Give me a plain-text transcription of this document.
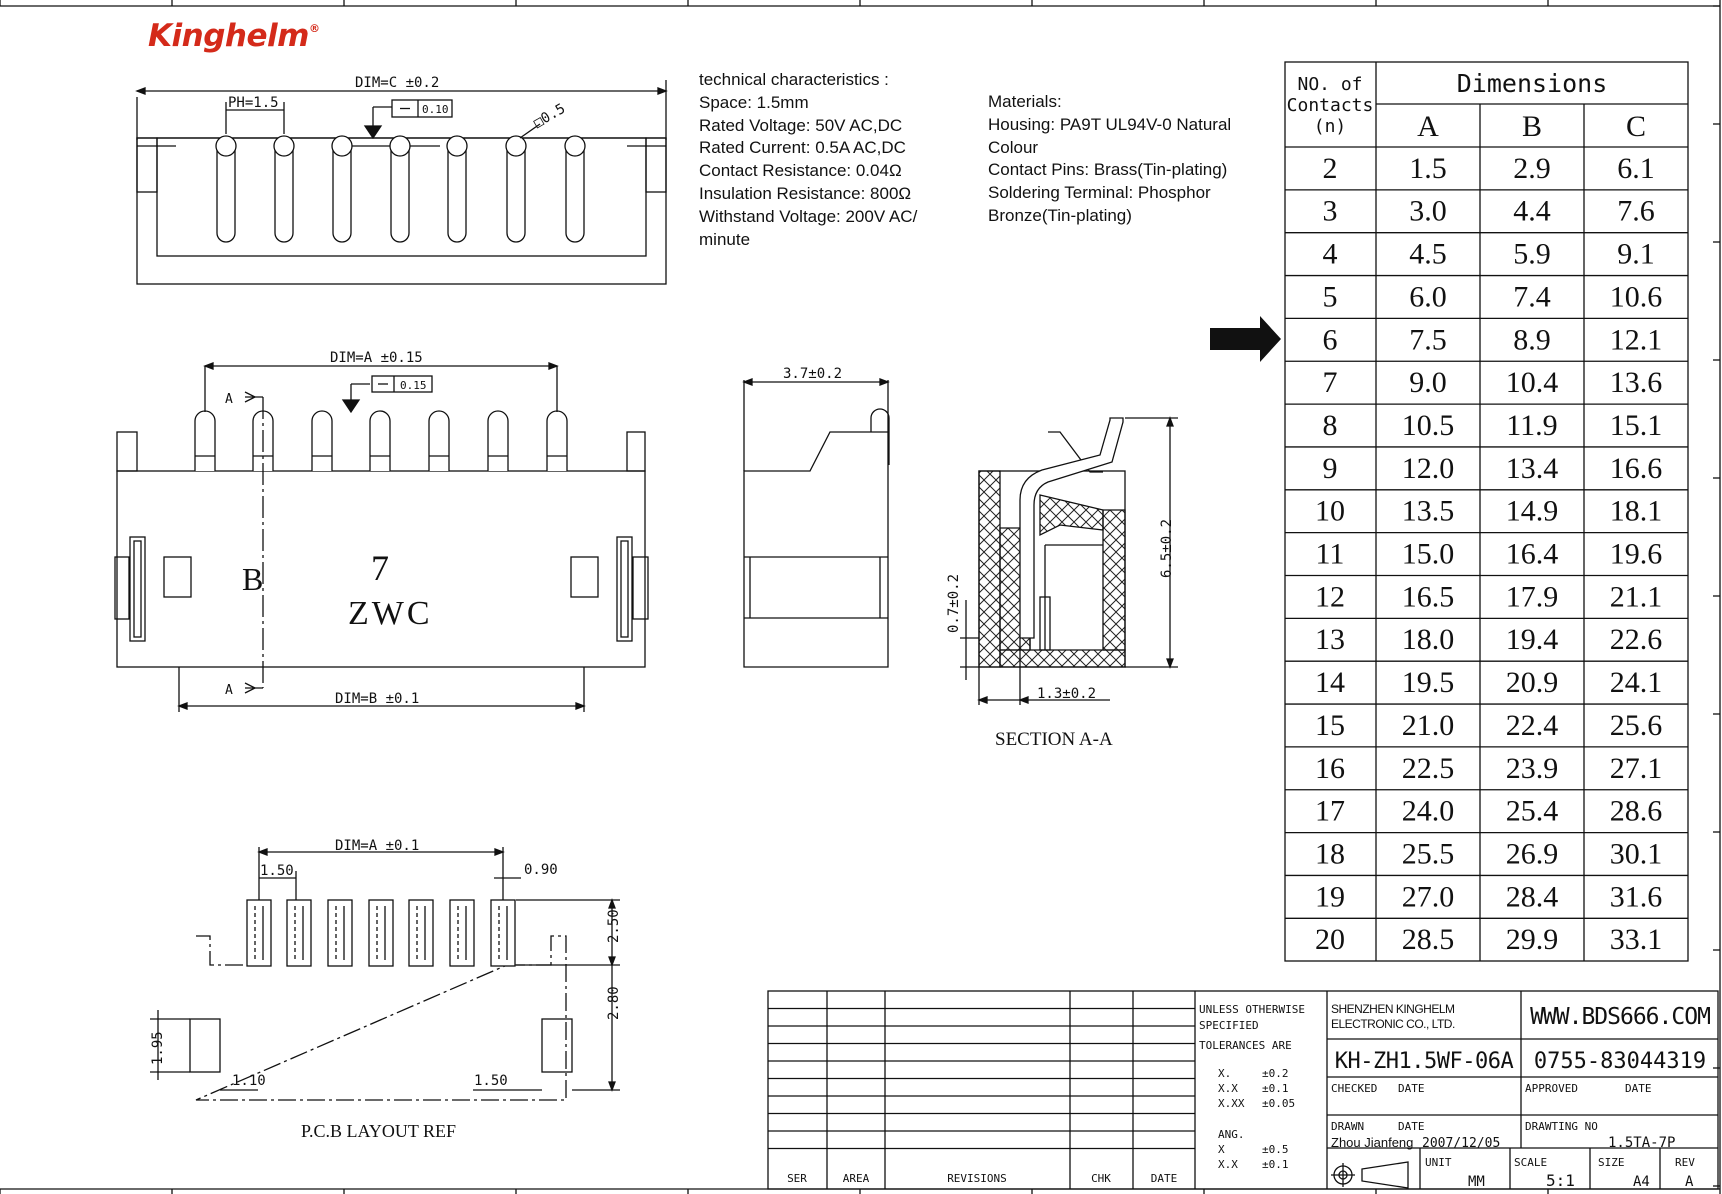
Kinghelm®
technical characteristics :
Space: 1.5mm
Rated Voltage: 50V AC,DC
Rated Current: 0.5A AC,DC
Contact Resistance: 0.04Ω
Insulation Resistance: 800Ω
Withstand Voltage: 200V AC/
minute
Materials:
Housing: PA9T UL94V-0 Natural
Colour
Contact Pins: Brass(Tin-plating)
Soldering Terminal: Phosphor
Bronze(Tin-plating)
DIM=C ±0.2
PH=1.5	0.10	□0.5
DIM=A ±0.15
0.15
A
A
DIM=B ±0.1
B	7
ZWC
3.7±0.2
6.5±0.2
0.7±0.2
1.3±0.2
SECTION A-A
DIM=A ±0.1
1.50	0.90
2.50
2.80
1.95
1.10	1.50
P.C.B LAYOUT REF
NO. of
Contacts
(n)
Dimensions
A	B	C
2 1.5 2.9 6.1
3 3.0 4.4 7.6
4 4.5 5.9 9.1
5 6.0 7.4 10.6
6 7.5 8.9 12.1
7 9.0 10.4 13.6
8 10.5 11.9 15.1
9 12.0 13.4 16.6
10 13.5 14.9 18.1
11 15.0 16.4 19.6
12 16.5 17.9 21.1
13 18.0 19.4 22.6
14 19.5 20.9 24.1
15 21.0 22.4 25.6
16 22.5 23.9 27.1
17 24.0 25.4 28.6
18 25.5 26.9 30.1
19 27.0 28.4 31.6
20 28.5 29.9 33.1
SER	AREA	REVISIONS	CHK	DATE
UNLESS OTHERWISE
SPECIFIED
TOLERANCES ARE
X.	±0.2
X.X ±0.1
X.XX ±0.05
ANG.
X	±0.5
X.X ±0.1
CHECKED DATE	APPROVED	DATE
DRAWN	DATE	DRAWTING NO
UNIT	SCALE	SIZE	REV
SHENZHEN KINGHELM
ELECTRONIC CO., LTD.
Zhou Jianfeng
WWW.BDS666.COM
KH-ZH1.5WF-06A 0755-83044319
2007/12/05	1.5TA-7P
MM	5:1	A4	A
